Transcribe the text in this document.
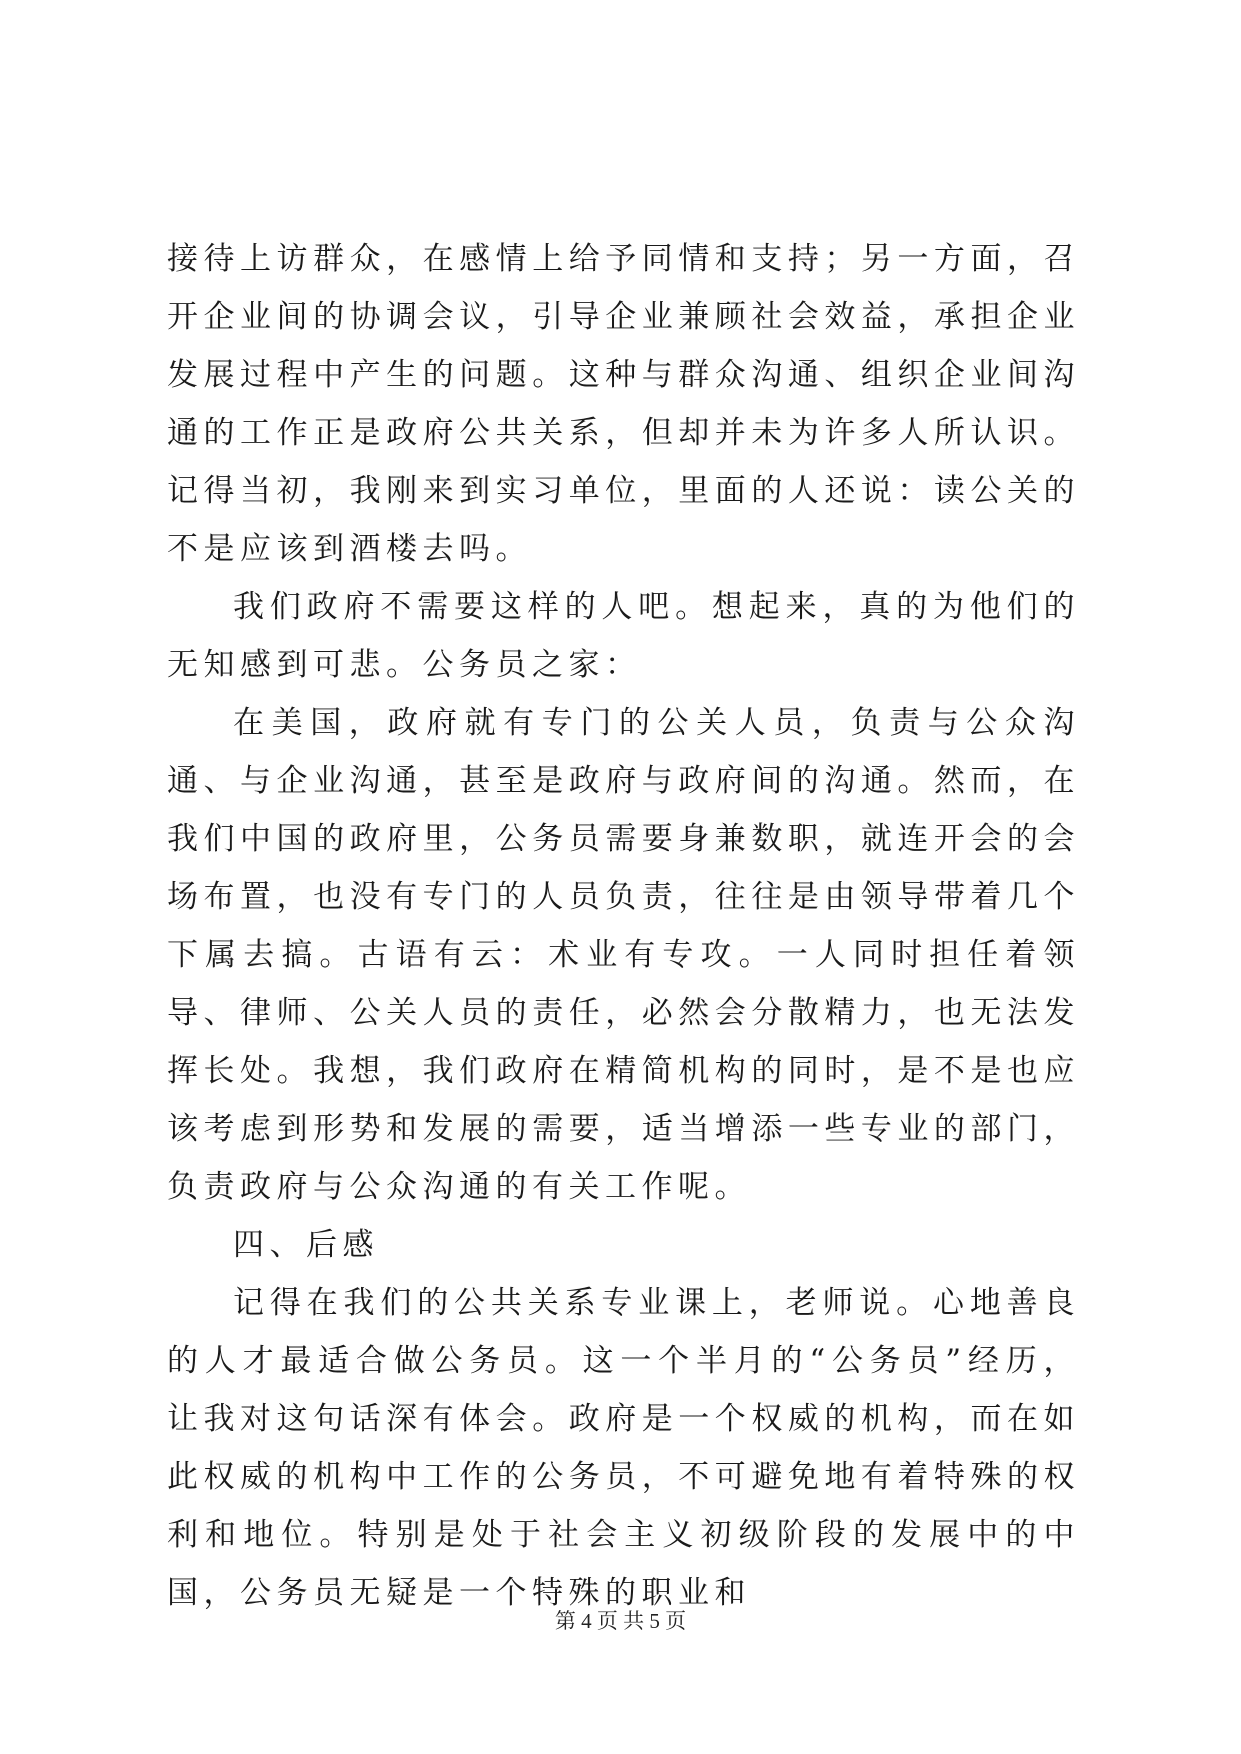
接待上访群众，在感情上给予同情和支持；另一方面，召开企业间的协调会议，引导企业兼顾社会效益，承担企业发展过程中产生的问题。这种与群众沟通、组织企业间沟通的工作正是政府公共关系，但却并未为许多人所认识。记得当初，我刚来到实习单位，里面的人还说：读公关的不是应该到酒楼去吗。

我们政府不需要这样的人吧。想起来，真的为他们的无知感到可悲。公务员之家：

在美国，政府就有专门的公关人员，负责与公众沟通、与企业沟通，甚至是政府与政府间的沟通。然而，在我们中国的政府里，公务员需要身兼数职，就连开会的会场布置，也没有专门的人员负责，往往是由领导带着几个下属去搞。古语有云：术业有专攻。一人同时担任着领导、律师、公关人员的责任，必然会分散精力，也无法发挥长处。我想，我们政府在精简机构的同时，是不是也应该考虑到形势和发展的需要，适当增添一些专业的部门，负责政府与公众沟通的有关工作呢。

四、后感

记得在我们的公共关系专业课上，老师说。心地善良的人才最适合做公务员。这一个半月的“公务员”经历，让我对这句话深有体会。政府是一个权威的机构，而在如此权威的机构中工作的公务员，不可避免地有着特殊的权利和地位。特别是处于社会主义初级阶段的发展中的中国，公务员无疑是一个特殊的职业和

第 4 页 共 5 页
